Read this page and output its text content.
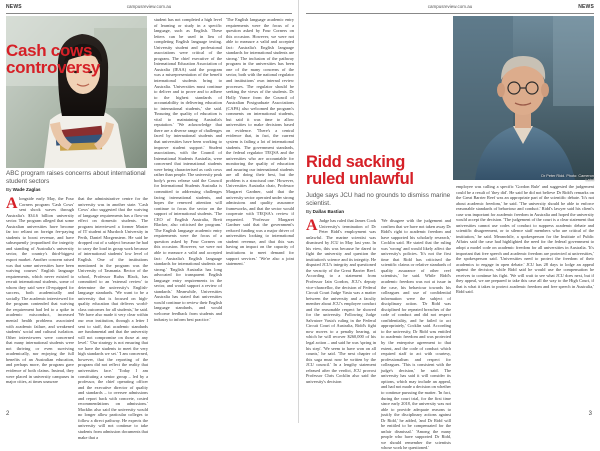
NEWS	campusreview.com.au
Cash cows
controversy
ABC program raises concerns about international student sectors
By Wade Zaglas
A longside early May, the Four Corners program 'Cash Cows' sent shock waves through Australia's $34.6 billion university sector. The program alleged that some Australian universities have become far too reliant on foreign fee-paying students to boost revenue, and have subsequently jeopardised the integrity and standing of Australia's university sector, the country's third-biggest export market. Another concern raised was that some universities have been waiving courses' English language requirements, which never existed to recruit international students, some of whom they said were ill-equipped for success, both academically and socially. The academic interviewed for the program contended that waiving the requirement had led to a spike in academic misconduct, increased mental health problems associated with academic failure, and weakened students' social and cultural isolation. Other interviewees were concerned that many international students were not thriving or even surviving academically, nor enjoying the full benefits of an Australian education, and perhaps more, the program gave evidence of both claims. Instead, they were placed in university campuses in major cities, at times unaware

that the administrative centre for the university was in another state. 'Cash Cows' also suggested that the waiving of language requirements has a flow-on effect on domestic students. The program interviewed a former Master of IT student at Murdoch University in Perth, Daniel Morgenstern. He said he dropped out of a subject because he had to carry the load in group work because of international students' low level of English. One of the institutions mentioned in the program was the University of Tasmania. Rector of the school, Professor Rufus Black, has committed to an 'external review' to determine the university's English-language standards. 'We want to be a university that is focused on high-quality education that delivers world-class outcomes for all students,' he said. 'We have also made it very clear within our own institution, through a letter I sent to staff, that academic standards are fundamental and that the university will not compromise on those at any level.' 'Our strategy is not ensuring that we have the students to meet the very high standards we set.' 'I am concerned, however, that the reporting of the program did not reflect the reality that universities face.' 'Today I am constituting a senior group – led by a professor, the chief operating officer and the executive director of quality and standards – to oversee admissions and report back with concrete, costed recommendations on admissions.' Macklin also said the university would no longer allow particular colleges to follow a direct pathway. He expects the university will not continue to take students from admission documents that make that a

student has not completed a high level of learning or study in a specific language, such as English. These letters can be used in lieu of completing English language testing. University student and professional associations were critical of the program. The chief executive of the International Education Association of Australia (IEAA) said the program was a misrepresentation of the benefit international students bring to Australia. 'Universities must continue to deliver and to prove and to adhere to the highest standards of accountability in delivering education to international students,' she said. 'Ensuring the quality of education is vital to maintaining Australia's reputation.' 'We acknowledge that there are a diverse range of challenges faced by international students and that universities have been working to improve student support.' Student associations, with the Council of International Students Australia, were concerned that international students were being characterised as cash cows rather than people. The university peak body's press release said the Council for International Students Australia is committed to addressing challenges facing international students, and hopes the renewed attention will continue to focus the sector on the support of international students. 'The CEO of English Australia, Brett Blacker, also criticised the program.' 'The English language academic entry requirements were the focus of a question asked by Four Corners on this occasion. However, we were not able to measure a valid and accepted fact: Australia's English language standards for international students are strong.' 'English Australia has long advocated for transparent English language entry requirements in the sector, and would support a review of standards.' Meanwhile, Universities Australia has stated that universities would continue to review their English language standards, and would welcome feedback from students and industry to inform best practice.'

'The English language academic entry requirements were the focus of a question asked by Four Corners on this occasion. However, we were not able to measure a valid and accepted fact: Australia's English language standards for international students are strong.' The inclusion of the pathway program in the universities has been one of the many concerns of the sector, both with the national regulator and institutions' own internal review processes. The regulator should be seeking the views of the students. Dr Holly Vance from the Council of Australian Postgraduate Associations (CAPA) also welcomed the program's comments on international students, but said it was time to allow universities to make decisions based on evidence. 'There's a central evidence that, in fact, the current system is failing a lot of international students. The government standards, the federal regulator TEQSA and the universities who are accountable for monitoring the quality of education and assuring our international students are all doing their best, but the problem is a structural one.' However, Universities Australia chair, Professor Margaret Gardner, said that the university sector operated under strong admissions and quality assurance frameworks, and that the sector would cooperate with TEQSA's review if requested. 'Professor Margaret Gardner said that the government's reduced funding was a major driver of universities looking to international student revenue, and that this was having an impact on the capacity of institutions to meet demand for support services.' 'We're also a joint statement.'

2
campusreview.com.au	NEWS
Dr Peter Ridd. Photo: Cameron Laird
Ridd sacking
ruled unlawful
Judge says JCU had no grounds to dismiss marine scientist.
By Dallas Bastian
A Judge has ruled that James Cook University's termination of Dr Peter Ridd's employment was unlawful. The marine scientist was dismissed by JCU in May last year. In his view, this was because he dared to fight the university and question the institution's science and its integrity. He disputed JCU's integrity and questioned the veracity of the Great Barrier Reef. According to a statement from Professor Iain Gordon, JCU's deputy vice-chancellor, the decision of Federal Circuit Court Judge Vasta was a matter between the university and a faculty member about JCU's employee conduct and the reasonable respect he showed for the university. Following Judge Salvatore Vasta's ruling in the Federal Circuit Court of Australia, Ridd's fight now moves to a penalty hearing, at which he will recover $260,000 of his legal action – and said he was 'spring in his step'. 'We seem to have won on all counts,' he said. 'The next chapter of this saga must now be written by the JCU council.' In a lengthy statement released after the verdict, JCU provost Professor Chris Cocklin also said the university's decision

'We disagree with the judgement and confirm that we have not taken away Dr Ridd's right to academic freedom and have supported his scholarly research,' Cocklin said. He stated that the ruling was 'wrong' and would likely affect the university's policies. 'It's not the first time that Ridd has criticised the scientific claims or relative standards of quality assurance of other reef scientists,' he said. While Ridd's academic freedom was not at issue in the case, his behaviour towards his colleagues and use of confidential information were the subject of disciplinary action. 'Dr Ridd was disciplined for repeated breaches of the code of conduct and did not respect confidentiality, and he failed to act appropriately,' Cocklin said. According to the university, Dr Ridd was entitled to academic freedom and was protected by the enterprise agreement to that extent, and the code of conduct which required staff to act with courtesy, professionalism and respect for colleagues. 'This is consistent with the judge's decision,' he said. The university has said it will consider its options, which may include an appeal, and had not made a decision on whether to continue pursuing the matter. 'In fact, during the court trial, for the first time since early 2018, the university was not able to provide adequate reasons to justify the disciplinary actions against Dr Ridd,' he added, 'and Dr Ridd will be entitled to be compensated for the unfair dismissal.' 'Among the many people who have supported Dr Ridd, we should remember the scientists whose work he questioned.'

employee was calling a specific 'Gordon Rule' and suggested the judgement could be a result of 'they did'. He said he did not believe Dr Ridd's remarks on the Great Barrier Reef was an appropriate part of the scientific debate. 'It's not about academic freedom,' he said. 'The university should be able to enforce reasonable standards of behaviour and conduct.' Ridd's lawyer said his client's case was important for academic freedom in Australia and hoped the university would accept the decision. 'The judgement of the court is a clear statement that universities cannot use codes of conduct to suppress academic debate and scientific disagreement, or to silence staff members who are critical of the institution,' he said. Meanwhile, a spokesperson for the Institute of Public Affairs said the case had highlighted the need for the federal government to adopt a model code on academic freedom for all universities in Australia. 'It's important that free speech and academic freedom are protected at universities,' the spokesperson said. 'Universities need to protect the freedom of their academics to engage in open debate.' JCU has 28 days to lodge an appeal against the decision, while Ridd said he would use the compensation he receives to continue his fight. 'We will wait to see what JCU does next, but if they appeal, we are prepared to take this case all the way to the High Court, if that is what it takes to protect academic freedom and free speech in Australia,' Ridd said.

3
